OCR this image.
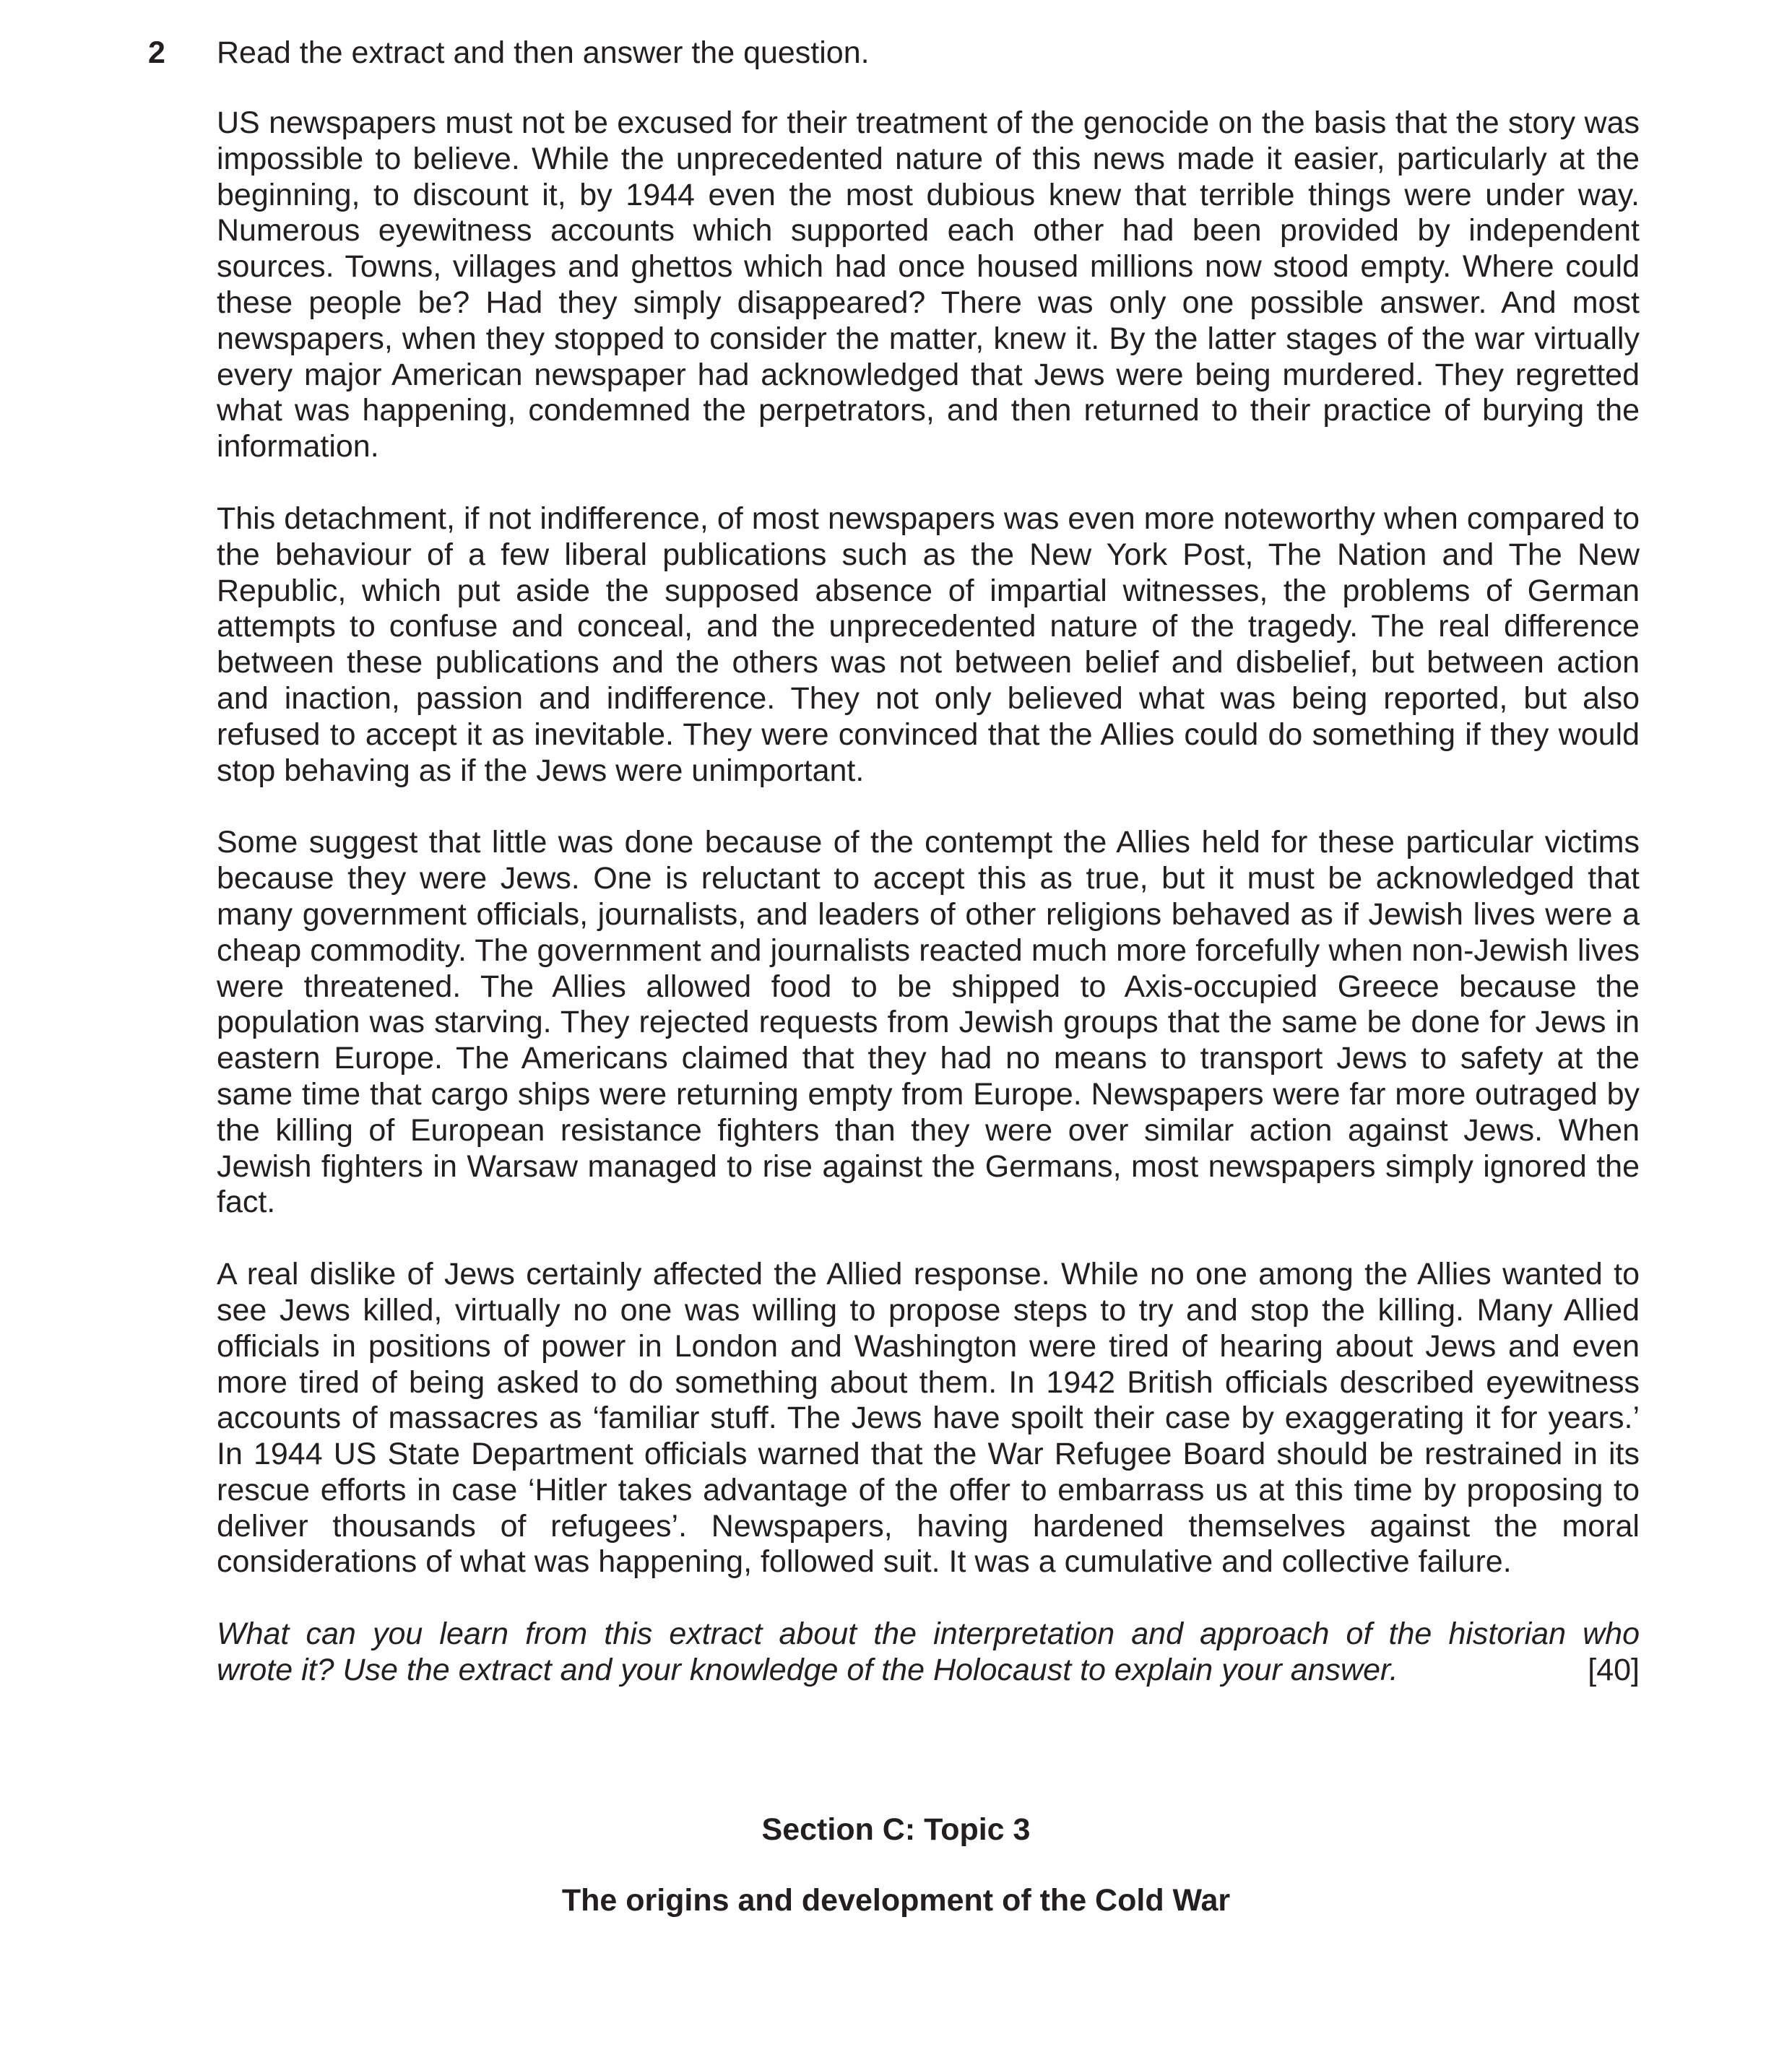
2 Read the extract and then answer the question.

US newspapers must not be excused for their treatment of the genocide on the basis that the story was impossible to believe. While the unprecedented nature of this news made it easier, particularly at the beginning, to discount it, by 1944 even the most dubious knew that terrible things were under way. Numerous eyewitness accounts which supported each other had been provided by independent sources. Towns, villages and ghettos which had once housed millions now stood empty. Where could these people be? Had they simply disappeared? There was only one possible answer. And most newspapers, when they stopped to consider the matter, knew it. By the latter stages of the war virtually every major American newspaper had acknowledged that Jews were being murdered. They regretted what was happening, condemned the perpetrators, and then returned to their practice of burying the information.

This detachment, if not indifference, of most newspapers was even more noteworthy when compared to the behaviour of a few liberal publications such as the New York Post, The Nation and The New Republic, which put aside the supposed absence of impartial witnesses, the problems of German attempts to confuse and conceal, and the unprecedented nature of the tragedy. The real difference between these publications and the others was not between belief and disbelief, but between action and inaction, passion and indifference. They not only believed what was being reported, but also refused to accept it as inevitable. They were convinced that the Allies could do something if they would stop behaving as if the Jews were unimportant.

Some suggest that little was done because of the contempt the Allies held for these particular victims because they were Jews. One is reluctant to accept this as true, but it must be acknowledged that many government officials, journalists, and leaders of other religions behaved as if Jewish lives were a cheap commodity. The government and journalists reacted much more forcefully when non-Jewish lives were threatened. The Allies allowed food to be shipped to Axis-occupied Greece because the population was starving. They rejected requests from Jewish groups that the same be done for Jews in eastern Europe. The Americans claimed that they had no means to transport Jews to safety at the same time that cargo ships were returning empty from Europe. Newspapers were far more outraged by the killing of European resistance fighters than they were over similar action against Jews. When Jewish fighters in Warsaw managed to rise against the Germans, most newspapers simply ignored the fact.

A real dislike of Jews certainly affected the Allied response. While no one among the Allies wanted to see Jews killed, virtually no one was willing to propose steps to try and stop the killing. Many Allied officials in positions of power in London and Washington were tired of hearing about Jews and even more tired of being asked to do something about them. In 1942 British officials described eyewitness accounts of massacres as ‘familiar stuff. The Jews have spoilt their case by exaggerating it for years.’ In 1944 US State Department officials warned that the War Refugee Board should be restrained in its rescue efforts in case ‘Hitler takes advantage of the offer to embarrass us at this time by proposing to deliver thousands of refugees’. Newspapers, having hardened themselves against the moral considerations of what was happening, followed suit. It was a cumulative and collective failure.

What can you learn from this extract about the interpretation and approach of the historian who
wrote it? Use the extract and your knowledge of the Holocaust to explain your answer.	[40]
Section C: Topic 3
The origins and development of the Cold War
